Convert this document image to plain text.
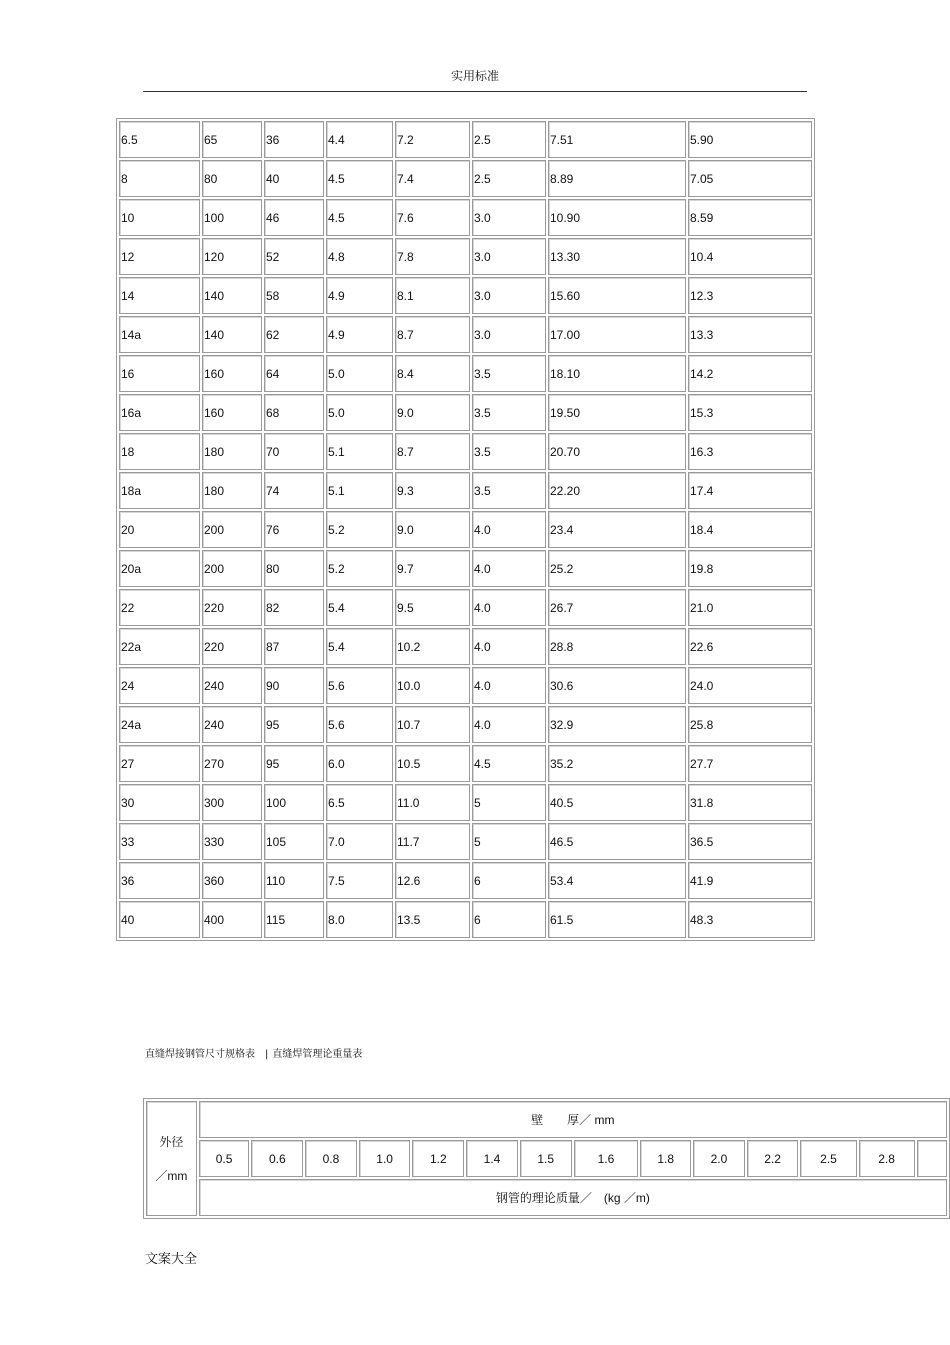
实用标准
6.5	65	36	4.4	7.2	2.5	7.51	5.90
8	80	40	4.5	7.4	2.5	8.89	7.05
10	100	46	4.5	7.6	3.0	10.90	8.59
12	120	52	4.8	7.8	3.0	13.30	10.4
14	140	58	4.9	8.1	3.0	15.60	12.3
14a	140	62	4.9	8.7	3.0	17.00	13.3
16	160	64	5.0	8.4	3.5	18.10	14.2
16a	160	68	5.0	9.0	3.5	19.50	15.3
18	180	70	5.1	8.7	3.5	20.70	16.3
18a	180	74	5.1	9.3	3.5	22.20	17.4
20	200	76	5.2	9.0	4.0	23.4	18.4
20a	200	80	5.2	9.7	4.0	25.2	19.8
22	220	82	5.4	9.5	4.0	26.7	21.0
22a	220	87	5.4	10.2	4.0	28.8	22.6
24	240	90	5.6	10.0	4.0	30.6	24.0
24a	240	95	5.6	10.7	4.0	32.9	25.8
27	270	95	6.0	10.5	4.5	35.2	27.7
30	300	100	6.5	11.0	5	40.5	31.8
33	330	105	7.0	11.7	5	46.5	36.5
36	360	110	7.5	12.6	6	53.4	41.9
40	400	115	8.0	13.5	6	61.5	48.3
直缝焊接钢管尺寸规格表 | 直缝焊管理论重量表
外径
／mm	壁　　厚／ mm													
	0.5	0.6	0.8	1.0	1.2	1.4	1.5	1.6	1.8	2.0	2.2	2.5	2.8	
	钢管的理论质量／　(kg ／m)													
文案大全
